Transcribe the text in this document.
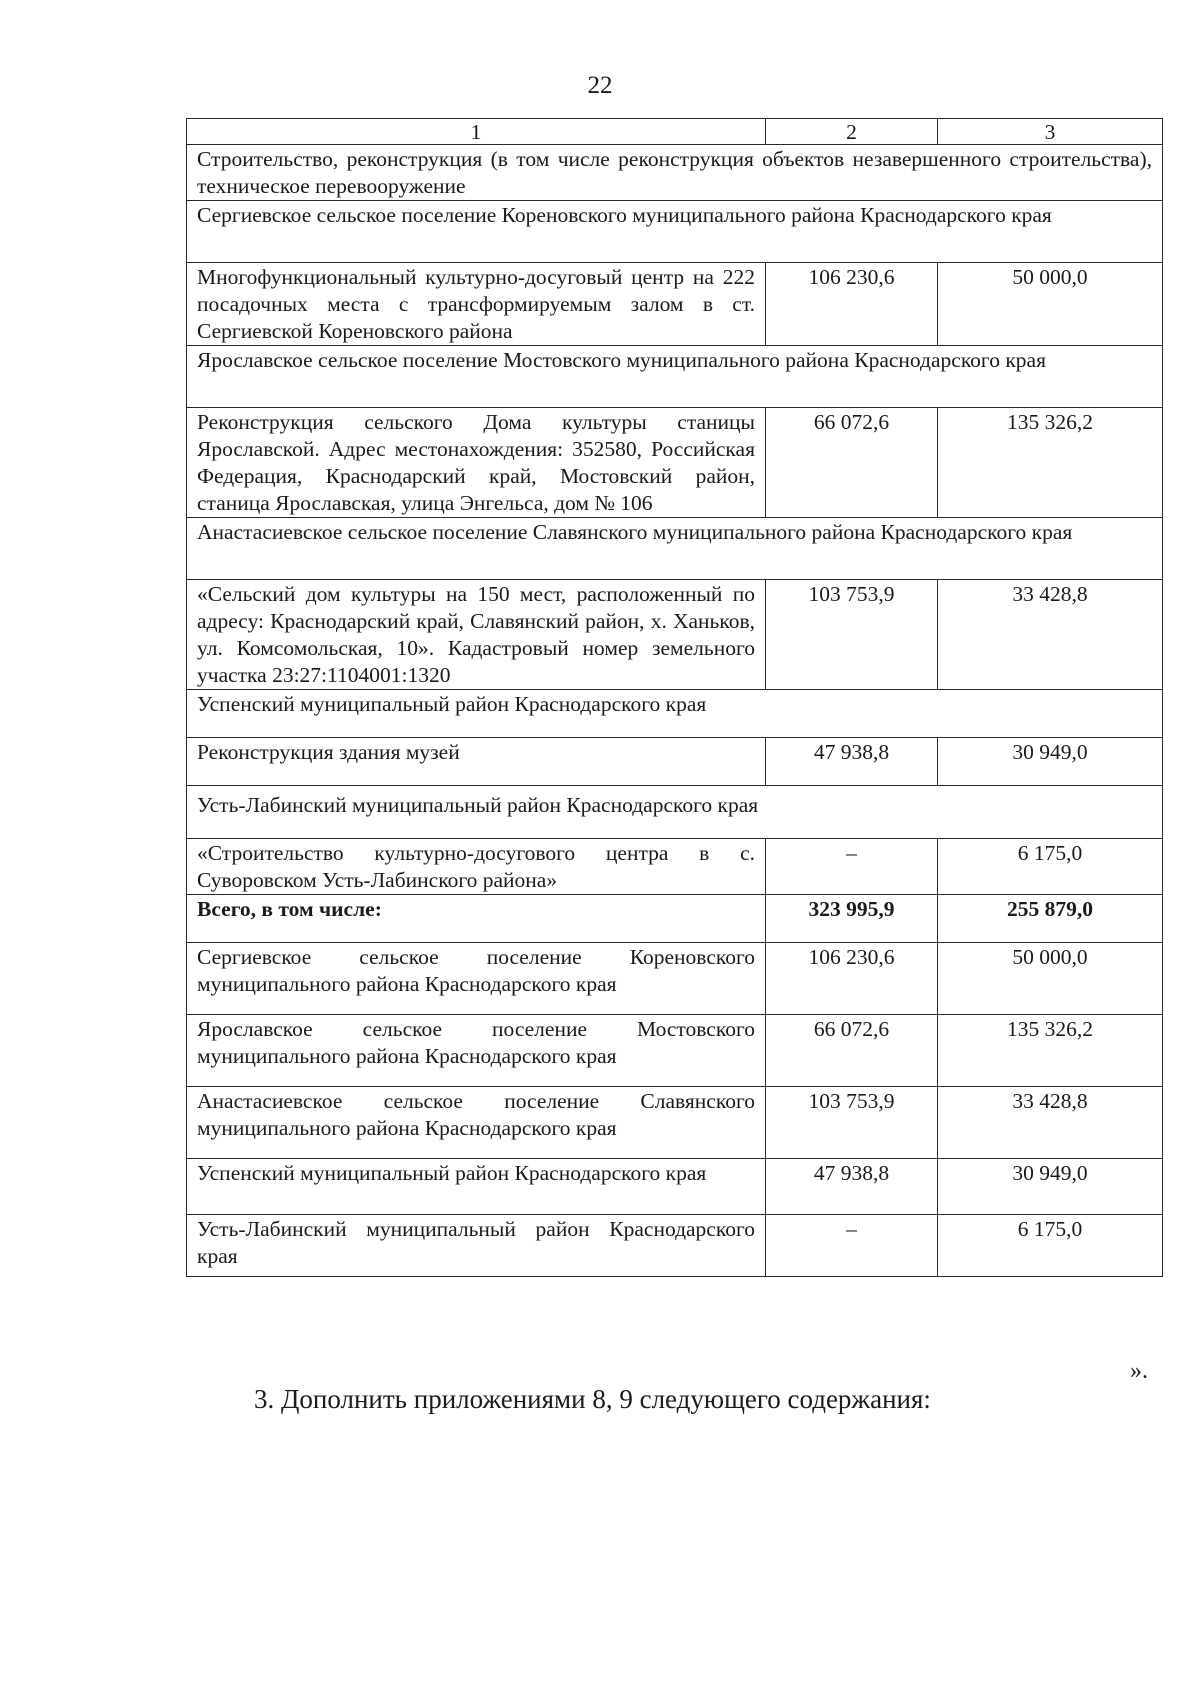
22
1	2	3
Строительство, реконструкция (в том числе реконструкция объектов незавершенного строительства), техническое перевооружение		
Сергиевское сельское поселение Кореновского муниципального района Краснодарского края		
Многофункциональный культурно-досуговый центр на 222 посадочных места с трансформируемым залом в ст. Сергиевской Кореновского района	106 230,6	50 000,0
Ярославское сельское поселение Мостовского муниципального района Краснодарского края		
Реконструкция сельского Дома культуры станицы Ярославской. Адрес местонахождения: 352580, Российская Федерация, Краснодарский край, Мостовский район, станица Ярославская, улица Энгельса, дом № 106	66 072,6	135 326,2
Анастасиевское сельское поселение Славянского муниципального района Краснодарского края		
«Сельский дом культуры на 150 мест, расположенный по адресу: Краснодарский край, Славянский район, х. Ханьков, ул. Комсомольская, 10». Кадастровый номер земельного участка 23:27:1104001:1320	103 753,9	33 428,8
Успенский муниципальный район Краснодарского края		
Реконструкция здания музей	47 938,8	30 949,0
Усть-Лабинский муниципальный район Краснодарского края		
«Строительство культурно-досугового центра в с. Суворовском Усть-Лабинского района»	–	6 175,0
Всего, в том числе:	323 995,9	255 879,0
Сергиевское сельское поселение Кореновского муниципального района Краснодарского края	106 230,6	50 000,0
Ярославское сельское поселение Мостовского муниципального района Краснодарского края	66 072,6	135 326,2
Анастасиевское сельское поселение Славянского муниципального района Краснодарского края	103 753,9	33 428,8
Успенский муниципальный район Краснодарского края	47 938,8	30 949,0
Усть-Лабинский муниципальный район Краснодарского края	–	6 175,0
».
3. Дополнить приложениями 8, 9 следующего содержания:
